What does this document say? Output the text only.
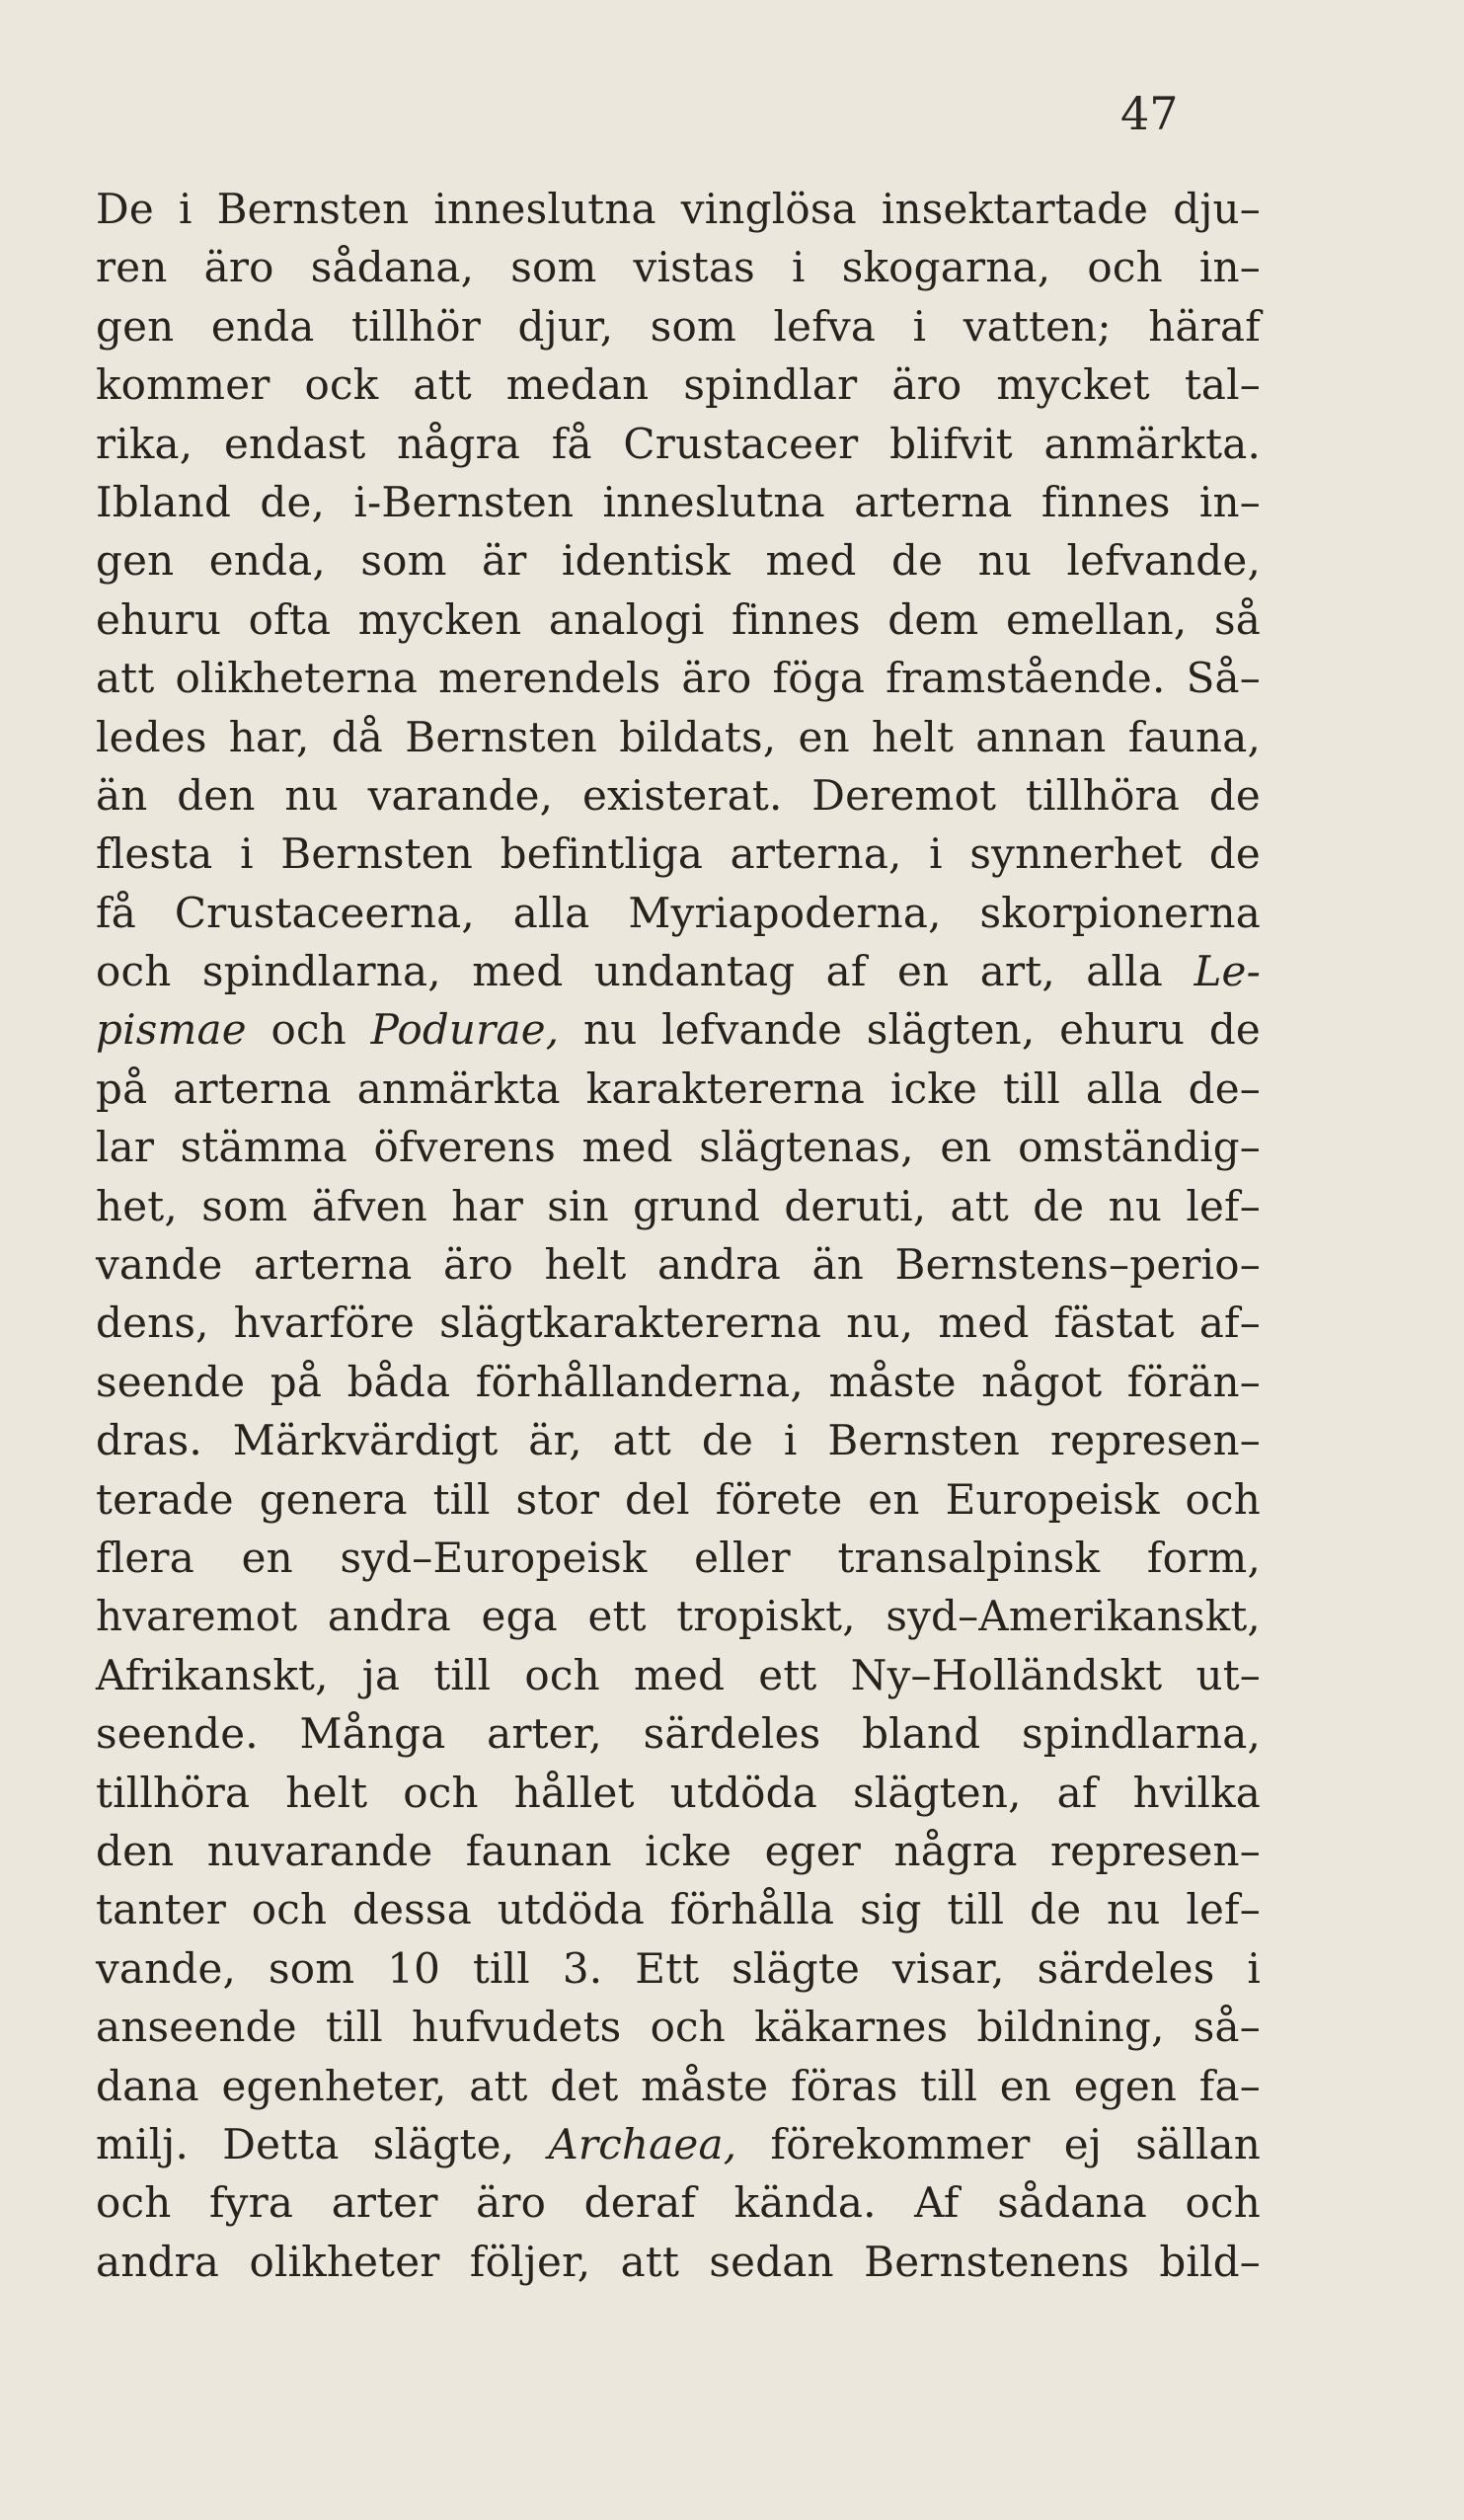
47
De i Bernsten inneslutna vinglösa insektartade dju–
ren äro sådana, som vistas i skogarna, och in–
gen enda tillhör djur, som lefva i vatten; häraf
kommer ock att medan spindlar äro mycket tal–
rika, endast några få Crustaceer blifvit anmärkta.
Ibland de, i-Bernsten inneslutna arterna finnes in–
gen enda, som är identisk med de nu lefvande,
ehuru ofta mycken analogi finnes dem emellan, så
att olikheterna merendels äro föga framstående. Så–
ledes har, då Bernsten bildats, en helt annan fauna,
än den nu varande, existerat. Deremot tillhöra de
flesta i Bernsten befintliga arterna, i synnerhet de
få Crustaceerna, alla Myriapoderna, skorpionerna
och spindlarna, med undantag af en art, alla Le-
pismae och Podurae, nu lefvande slägten, ehuru de
på arterna anmärkta karaktererna icke till alla de–
lar stämma öfverens med slägtenas, en omständig–
het, som äfven har sin grund deruti, att de nu lef–
vande arterna äro helt andra än Bernstens–perio–
dens, hvarföre slägtkaraktererna nu, med fästat af–
seende på båda förhållanderna, måste något förän–
dras. Märkvärdigt är, att de i Bernsten represen–
terade genera till stor del förete en Europeisk och
flera en syd–Europeisk eller transalpinsk form,
hvaremot andra ega ett tropiskt, syd–Amerikanskt,
Afrikanskt, ja till och med ett Ny–Holländskt ut–
seende. Många arter, särdeles bland spindlarna,
tillhöra helt och hållet utdöda slägten, af hvilka
den nuvarande faunan icke eger några represen–
tanter och dessa utdöda förhålla sig till de nu lef–
vande, som 10 till 3. Ett slägte visar, särdeles i
anseende till hufvudets och käkarnes bildning, så–
dana egenheter, att det måste föras till en egen fa–
milj. Detta slägte, Archaea, förekommer ej sällan
och fyra arter äro deraf kända. Af sådana och
andra olikheter följer, att sedan Bernstenens bild–
